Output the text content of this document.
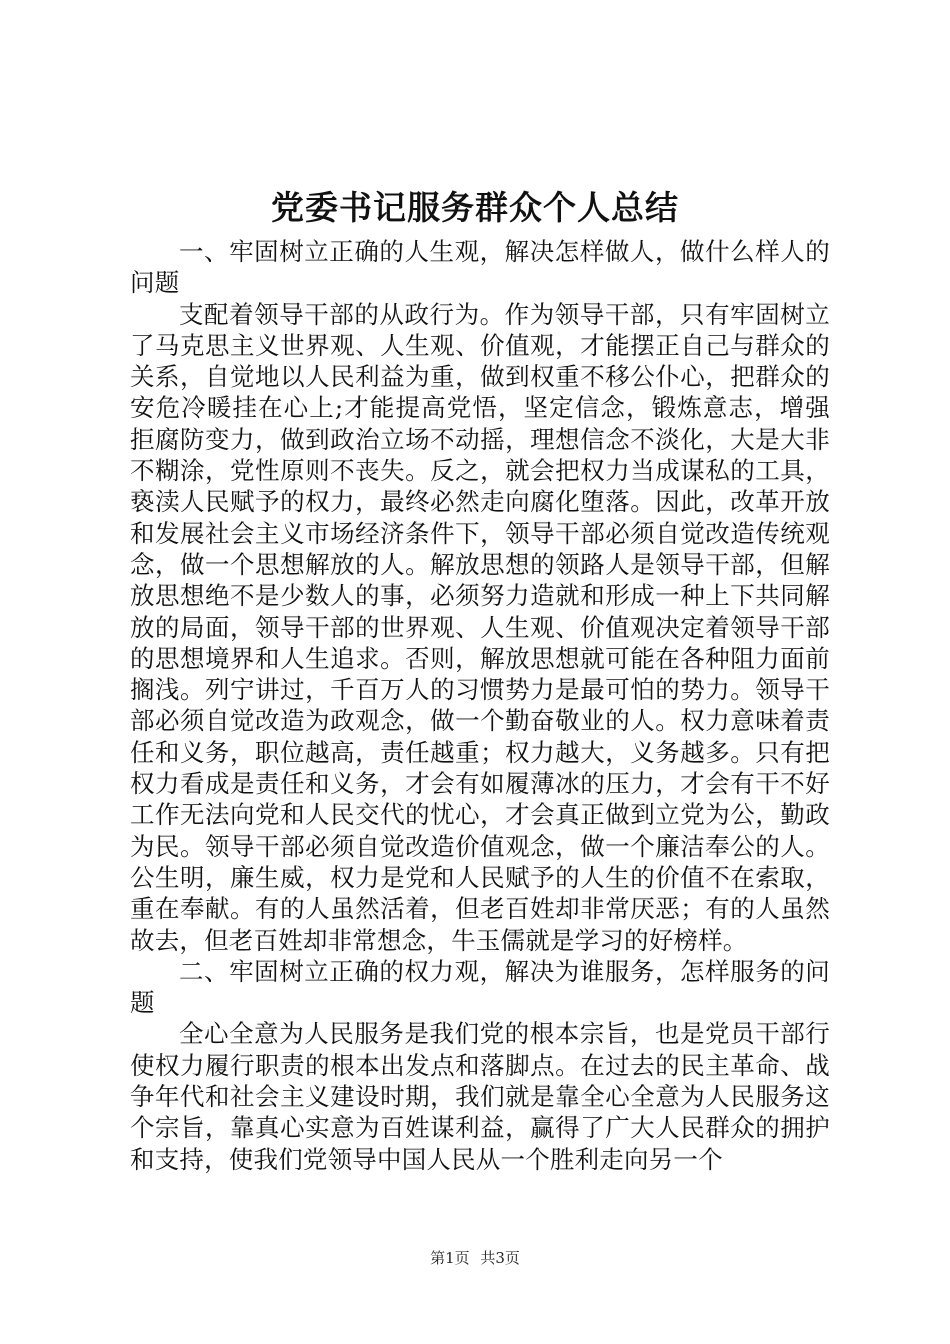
党委书记服务群众个人总结

一、牢固树立正确的人生观，解决怎样做人，做什么样人的问题

支配着领导干部的从政行为。作为领导干部，只有牢固树立了马克思主义世界观、人生观、价值观，才能摆正自己与群众的关系，自觉地以人民利益为重，做到权重不移公仆心，把群众的安危冷暖挂在心上;才能提高党悟，坚定信念，锻炼意志，增强拒腐防变力，做到政治立场不动摇，理想信念不淡化，大是大非不糊涂，党性原则不丧失。反之，就会把权力当成谋私的工具，亵渎人民赋予的权力，最终必然走向腐化堕落。因此，改革开放和发展社会主义市场经济条件下，领导干部必须自觉改造传统观念，做一个思想解放的人。解放思想的领路人是领导干部，但解放思想绝不是少数人的事，必须努力造就和形成一种上下共同解放的局面，领导干部的世界观、人生观、价值观决定着领导干部的思想境界和人生追求。否则，解放思想就可能在各种阻力面前搁浅。列宁讲过，千百万人的习惯势力是最可怕的势力。领导干部必须自觉改造为政观念，做一个勤奋敬业的人。权力意味着责任和义务，职位越高，责任越重；权力越大，义务越多。只有把权力看成是责任和义务，才会有如履薄冰的压力，才会有干不好工作无法向党和人民交代的忧心，才会真正做到立党为公，勤政为民。领导干部必须自觉改造价值观念，做一个廉洁奉公的人。公生明，廉生威，权力是党和人民赋予的人生的价值不在索取，重在奉献。有的人虽然活着，但老百姓却非常厌恶；有的人虽然故去，但老百姓却非常想念，牛玉儒就是学习的好榜样。

二、牢固树立正确的权力观，解决为谁服务，怎样服务的问题

全心全意为人民服务是我们党的根本宗旨，也是党员干部行使权力履行职责的根本出发点和落脚点。在过去的民主革命、战争年代和社会主义建设时期，我们就是靠全心全意为人民服务这个宗旨，靠真心实意为百姓谋利益，赢得了广大人民群众的拥护和支持，使我们党领导中国人民从一个胜利走向另一个

第1页 共3页
